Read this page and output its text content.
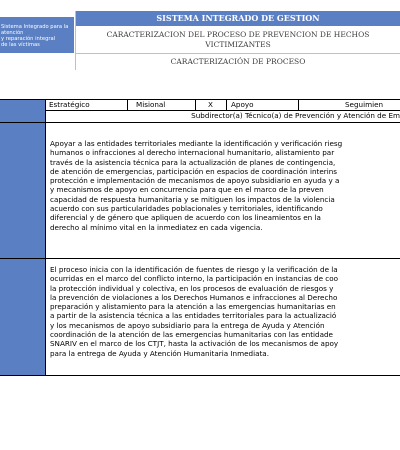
Sistema Integrado para la atención
y reparación integral
de las víctimas
SISTEMA INTEGRADO DE GESTION
CARACTERIZACION DEL PROCESO DE PREVENCION DE HECHOS
VICTIMIZANTES
CARACTERIZACIÓN DE PROCESO
Estratégico	Misional	X	Apoyo	Seguimien
Subdirector(a) Técnico(a) de Prevención y Atención de Em
Apoyar a las entidades territoriales mediante la identificación y verificación riesg
humanos o infracciones al derecho internacional humanitario, alistamiento par
través de la asistencia técnica para la actualización de planes de contingencia,
de atención de emergencias, participación en espacios de coordinación interins
protección e implementación de mecanismos de apoyo subsidiario en ayuda y a
y mecanismos de apoyo en concurrencia para que en el marco de la preven
capacidad de respuesta humanitaria y se mitiguen los impactos de la violencia
acuerdo con sus particularidades poblacionales y territoriales, identificando
diferencial y de género que apliquen de acuerdo con los lineamientos en la
derecho al mínimo vital en la inmediatez en cada vigencia.
El proceso inicia con la identificación de fuentes de riesgo y la verificación de la
ocurridas en el marco del conflicto interno, la participación en instancias de coo
la protección individual y colectiva, en los procesos de evaluación de riesgos y
la prevención de violaciones a los Derechos Humanos e infracciones al Derecho
preparación y alistamiento para la atención a las emergencias humanitarias en
a partir de la asistencia técnica a las entidades territoriales para la actualizació
y los mecanismos de apoyo subsidiario para la entrega de Ayuda y Atención
coordinación de la atención de las emergencias humanitarias con las entidade
SNARIV en el marco de los CTJT, hasta la activación de los mecanismos de apoy
para la entrega de Ayuda y Atención Humanitaria Inmediata.
